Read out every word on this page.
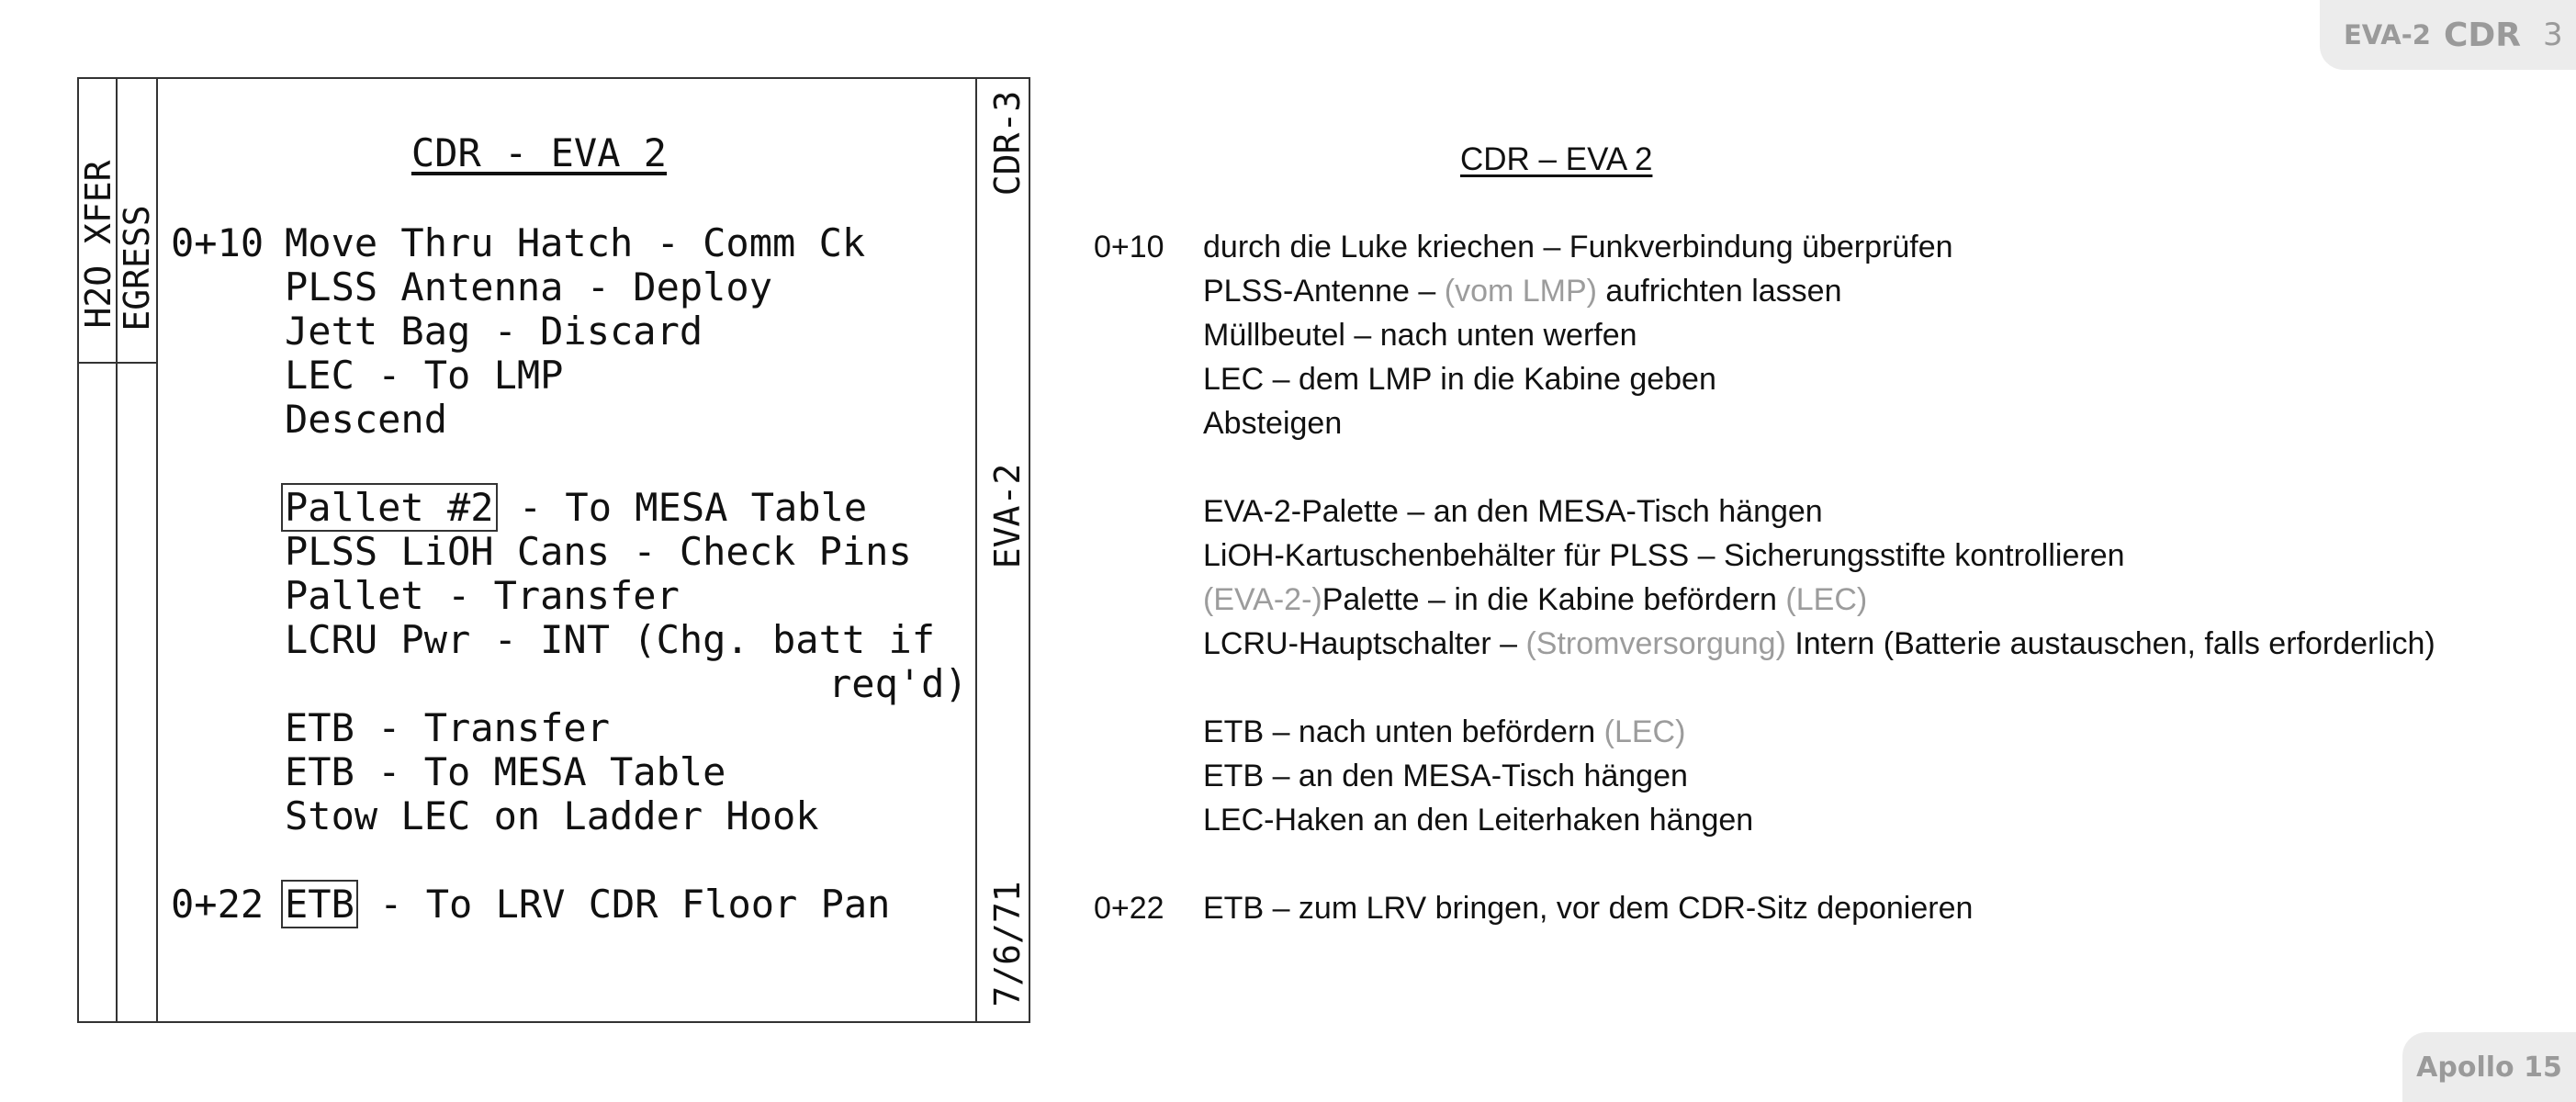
EVA-2 CDR 3
Apollo 15
H2O XFER
EGRESS
CDR-3
EVA-2
7/6/71
CDR - EVA 2
0+10 Move Thru Hatch - Comm Ck
PLSS Antenna - Deploy
Jett Bag - Discard
LEC - To LMP
Descend
Pallet #2 - To MESA Table
PLSS LiOH Cans - Check Pins
Pallet - Transfer
LCRU Pwr - INT (Chg. batt if
req'd)
ETB - Transfer
ETB - To MESA Table
Stow LEC on Ladder Hook
0+22 ETB - To LRV CDR Floor Pan
CDR – EVA 2
0+10 durch die Luke kriechen – Funkverbindung überprüfen
PLSS-Antenne – (vom LMP) aufrichten lassen
Müllbeutel – nach unten werfen
LEC – dem LMP in die Kabine geben
Absteigen
EVA-2-Palette – an den MESA-Tisch hängen
LiOH-Kartuschenbehälter für PLSS – Sicherungsstifte kontrollieren
(EVA-2-)Palette – in die Kabine befördern (LEC)
LCRU-Hauptschalter – (Stromversorgung) Intern (Batterie austauschen, falls erforderlich)
ETB – nach unten befördern (LEC)
ETB – an den MESA-Tisch hängen
LEC-Haken an den Leiterhaken hängen
0+22 ETB – zum LRV bringen, vor dem CDR-Sitz deponieren
